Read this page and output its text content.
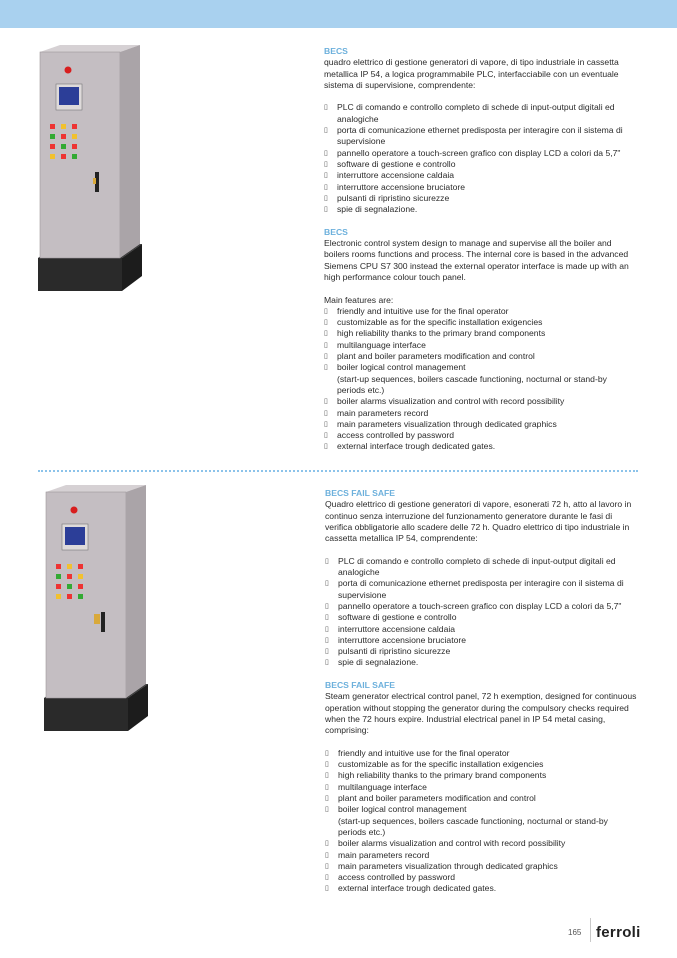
BECS

quadro elettrico di gestione generatori di vapore, di tipo industriale in cassetta metallica IP 54, a logica programmabile PLC, interfacciabile con un eventuale sistema di supervisione, comprendente:

▯ PLC di comando e controllo completo di schede di input-output digitali ed analogiche
▯ porta di comunicazione ethernet predisposta per interagire con il sistema di supervisione
▯ pannello operatore a touch-screen grafico con display LCD a colori da 5,7"
▯ software di gestione e controllo
▯ interruttore accensione caldaia
▯ interruttore accensione bruciatore
▯ pulsanti di ripristino sicurezze
▯ spie di segnalazione.
BECS

Electronic control system design to manage and supervise all the boiler and boilers rooms functions and process. The internal core is based in the advanced Siemens CPU S7 300 instead the external operator interface is made up with an high performance colour touch panel.

Main features are:
▯ friendly and intuitive use for the final operator
▯ customizable as for the specific installation exigencies
▯ high reliability thanks to the primary brand components
▯ multilanguage interface
▯ plant and boiler parameters modification and control
▯ boiler logical control management
(start-up sequences, boilers cascade functioning, nocturnal or stand-by periods etc.)
▯ boiler alarms visualization and control with record possibility
▯ main parameters record
▯ main parameters visualization through dedicated graphics
▯ access controlled by password
▯ external interface trough dedicated gates.
BECS FAIL SAFE

Quadro elettrico di gestione generatori di vapore, esonerati 72 h, atto al lavoro in continuo senza interruzione del funzionamento generatore durante le fasi di verifica obbligatorie allo scadere delle 72 h. Quadro elettrico di tipo industriale in cassetta metallica IP 54, comprendente:

▯ PLC di comando e controllo completo di schede di input-output digitali ed analogiche
▯ porta di comunicazione ethernet predisposta per interagire con il sistema di supervisione
▯ pannello operatore a touch-screen grafico con display LCD a colori da 5,7"
▯ software di gestione e controllo
▯ interruttore accensione caldaia
▯ interruttore accensione bruciatore
▯ pulsanti di ripristino sicurezze
▯ spie di segnalazione.
BECS FAIL SAFE

Steam generator electrical control panel, 72 h exemption, designed for continuous operation without stopping the generator during the compulsory checks required when the 72 hours expire. Industrial electrical panel in IP 54 metal casing, comprising:

▯ friendly and intuitive use for the final operator
▯ customizable as for the specific installation exigencies
▯ high reliability thanks to the primary brand components
▯ multilanguage interface
▯ plant and boiler parameters modification and control
▯ boiler logical control management
(start-up sequences, boilers cascade functioning, nocturnal or stand-by periods etc.)
▯ boiler alarms visualization and control with record possibility
▯ main parameters record
▯ main parameters visualization through dedicated graphics
▯ access controlled by password
▯ external interface trough dedicated gates.
165 ferroli
